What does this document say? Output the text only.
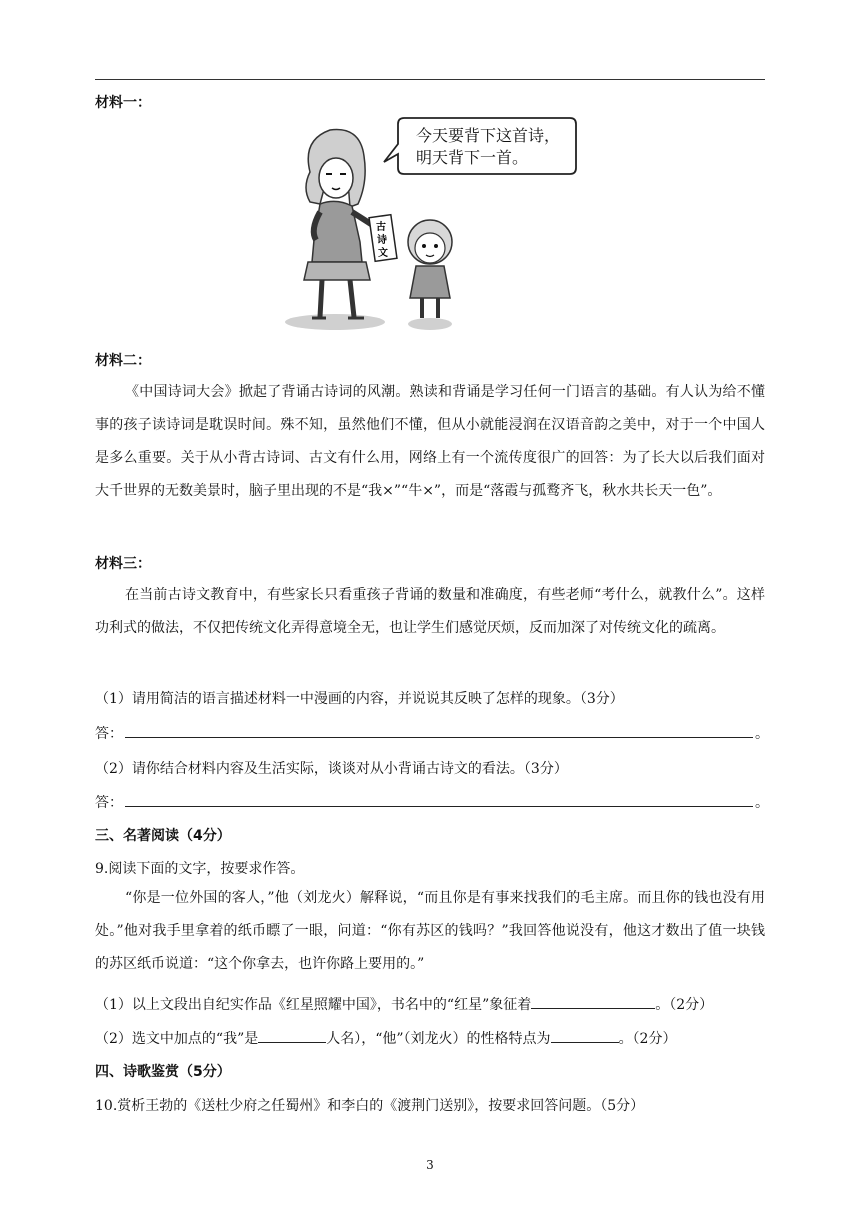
材料一：
今天要背下这首诗，
明天背下一首。
古
诗
文
材料二：
《中国诗词大会》掀起了背诵古诗词的风潮。熟读和背诵是学习任何一门语言的基础。有人认为给不懂事的孩子读诗词是耽误时间。殊不知，虽然他们不懂，但从小就能浸润在汉语音韵之美中，对于一个中国人是多么重要。关于从小背古诗词、古文有什么用，网络上有一个流传度很广的回答：为了长大以后我们面对大千世界的无数美景时，脑子里出现的不是“我×”“牛×”，而是“落霞与孤鹜齐飞，秋水共长天一色”。
材料三：
在当前古诗文教育中，有些家长只看重孩子背诵的数量和准确度，有些老师“考什么，就教什么”。这样功利式的做法，不仅把传统文化弄得意境全无，也让学生们感觉厌烦，反而加深了对传统文化的疏离。
（1）请用简洁的语言描述材料一中漫画的内容，并说说其反映了怎样的现象。（3分）
答：	。
（2）请你结合材料内容及生活实际，谈谈对从小背诵古诗文的看法。（3分）
答：	。
三、名著阅读（4分）
9.阅读下面的文字，按要求作答。
“你是一位外国的客人，”他（刘龙火）解释说，“而且你是有事来找我们的毛主席。而且你的钱也没有用处。”他对我手里拿着的纸币瞟了一眼，问道：“你有苏区的钱吗？”我回答他说没有，他这才数出了值一块钱的苏区纸币说道：“这个你拿去，也许你路上要用的。”
（1）以上文段出自纪实作品《红星照耀中国》，书名中的“红星”象征着	。（2分）
（2）选文中加点的“我”是	人名），“他”（刘龙火）的性格特点为	。（2分）
四、诗歌鉴赏（5分）
10.赏析王勃的《送杜少府之任蜀州》和李白的《渡荆门送别》，按要求回答问题。（5分）
3
